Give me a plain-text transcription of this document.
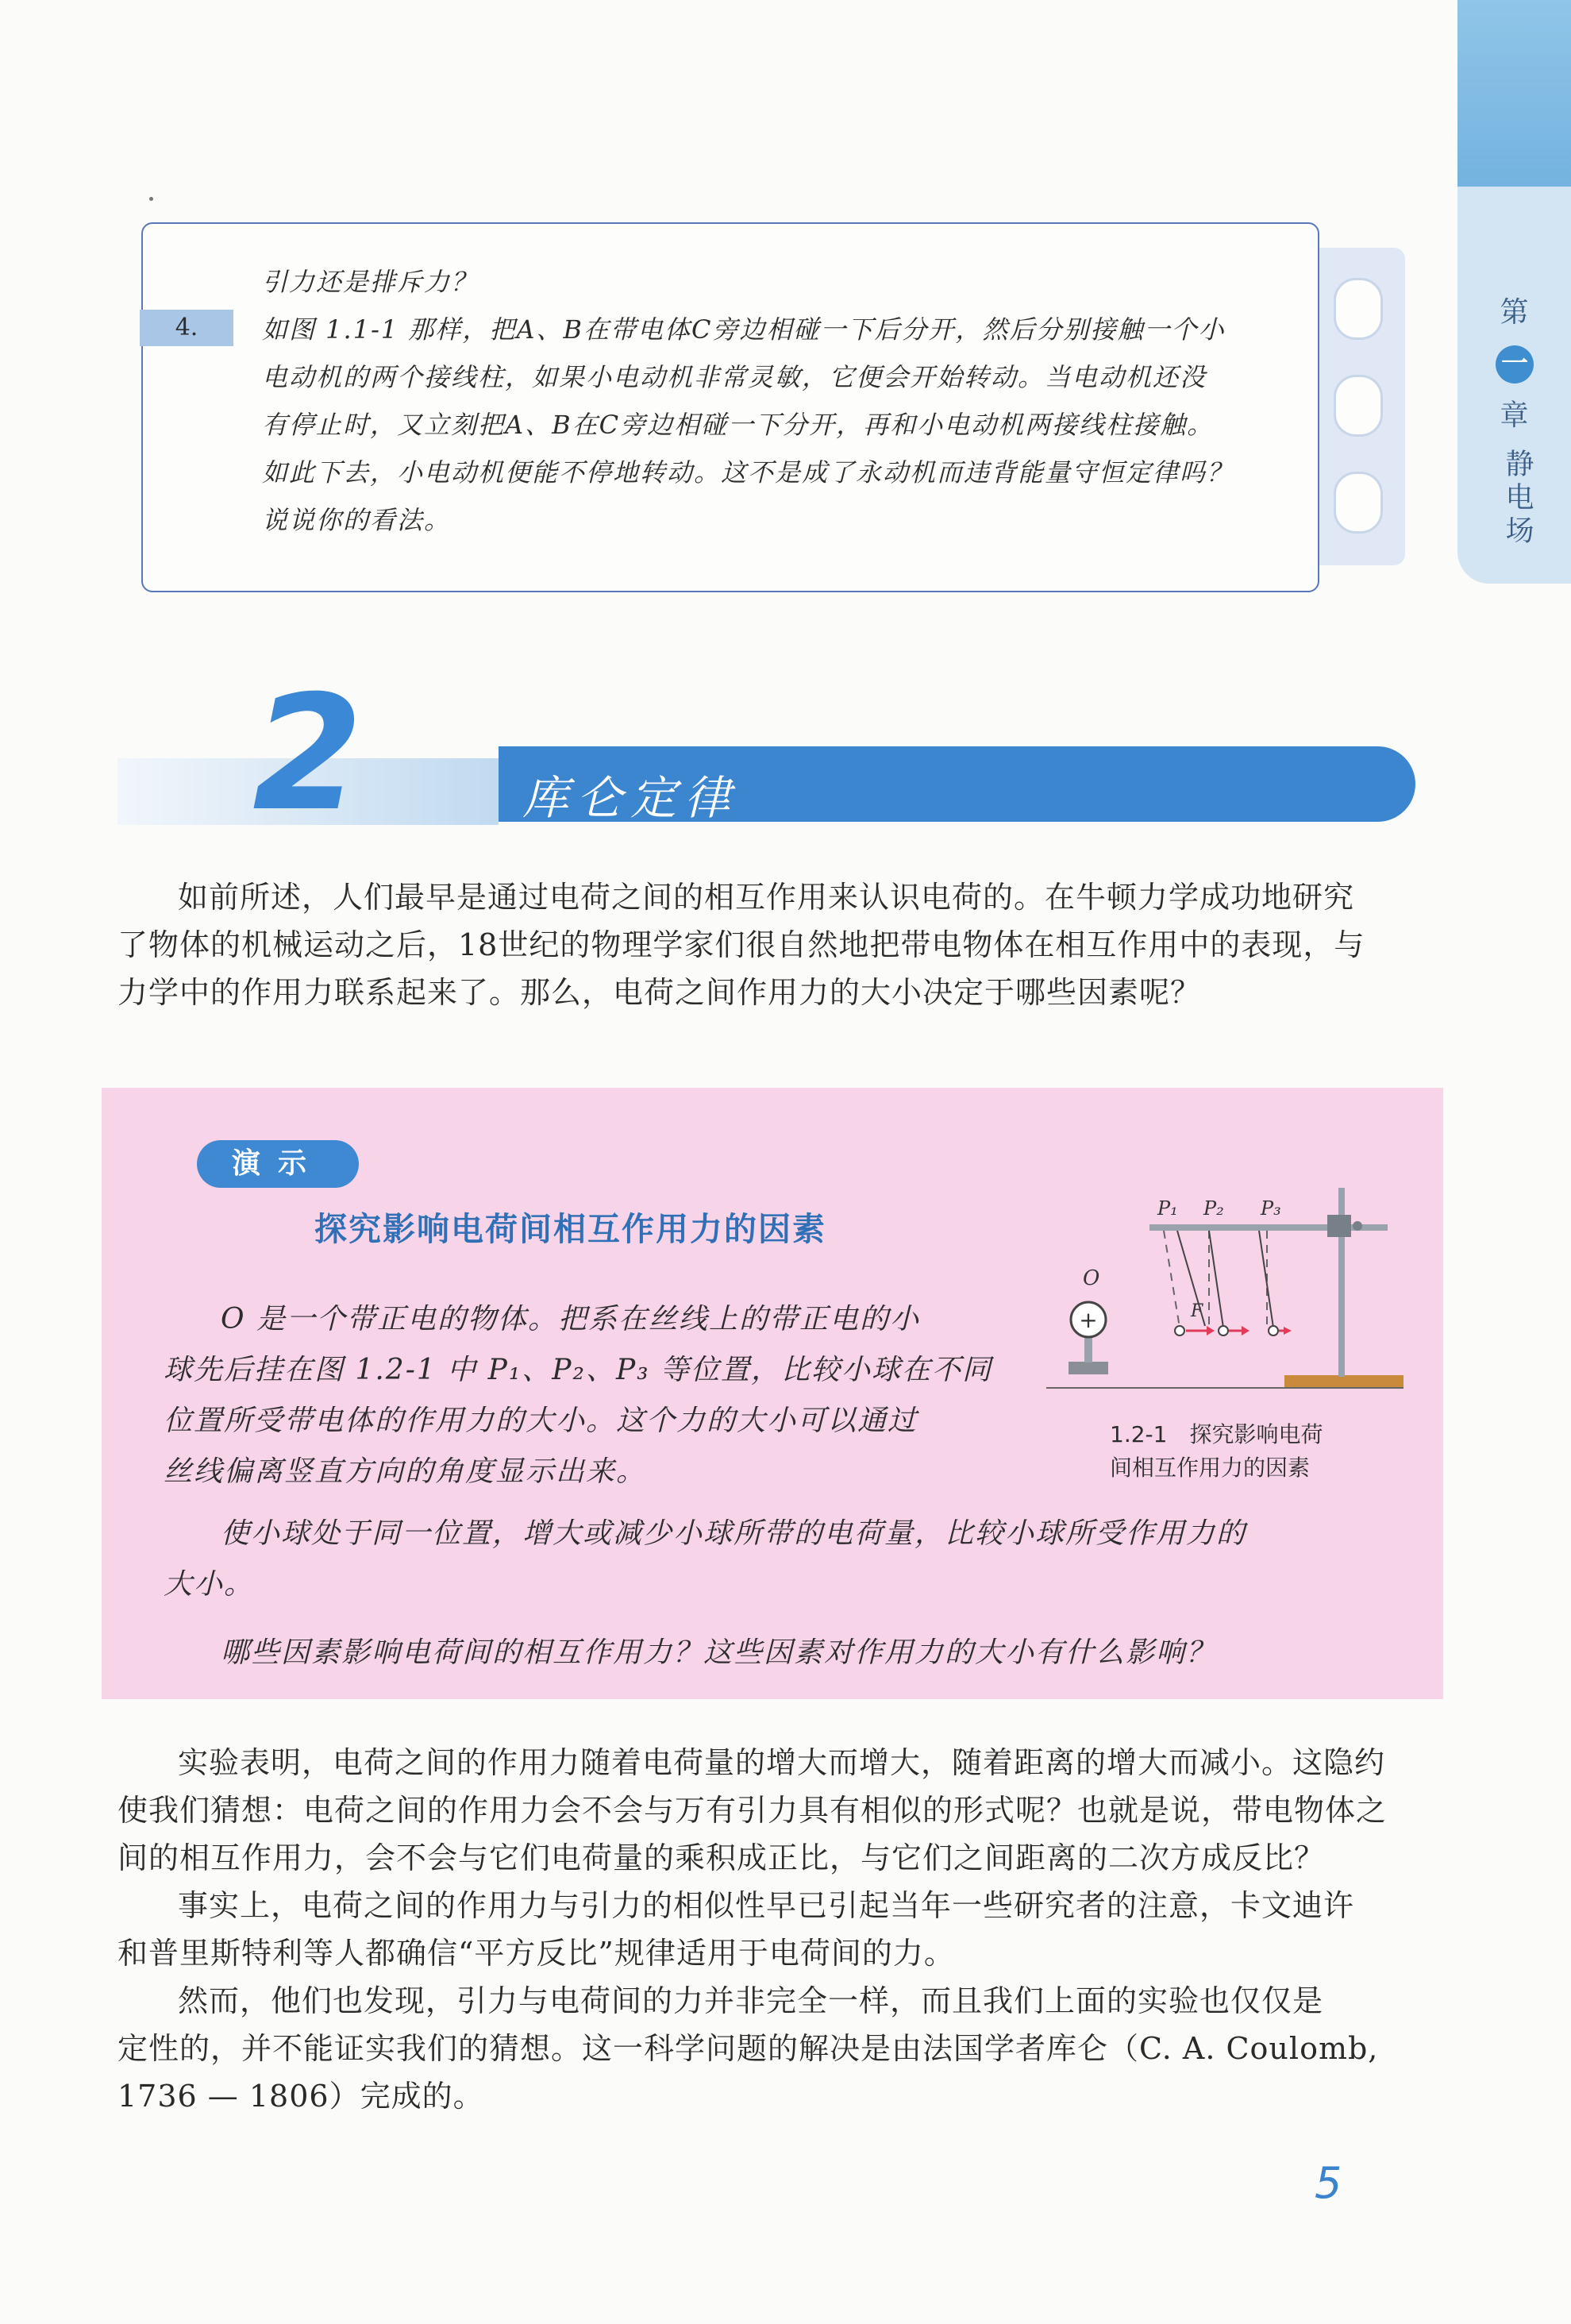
第
一
章
静电场
4.
引力还是排斥力？
如图 1.1-1 那样，把A、B在带电体C旁边相碰一下后分开，然后分别接触一个小
电动机的两个接线柱，如果小电动机非常灵敏，它便会开始转动。当电动机还没
有停止时，又立刻把A、B在C旁边相碰一下分开，再和小电动机两接线柱接触。
如此下去，小电动机便能不停地转动。这不是成了永动机而违背能量守恒定律吗？
说说你的看法。
2	库仑定律
如前所述，人们最早是通过电荷之间的相互作用来认识电荷的。在牛顿力学成功地研究
了物体的机械运动之后，18世纪的物理学家们很自然地把带电物体在相互作用中的表现，与
力学中的作用力联系起来了。那么，电荷之间作用力的大小决定于哪些因素呢？
演示
探究影响电荷间相互作用力的因素
O 是一个带正电的物体。把系在丝线上的带正电的小
球先后挂在图 1.2-1 中 P₁、P₂、P₃ 等位置，比较小球在不同
位置所受带电体的作用力的大小。这个力的大小可以通过
丝线偏离竖直方向的角度显示出来。
使小球处于同一位置，增大或减少小球所带的电荷量，比较小球所受作用力的
大小。
哪些因素影响电荷间的相互作用力？这些因素对作用力的大小有什么影响？
+
O
P₁ P₂ P₃
F
1.2-1　探究影响电荷
间相互作用力的因素
实验表明，电荷之间的作用力随着电荷量的增大而增大，随着距离的增大而减小。这隐约
使我们猜想：电荷之间的作用力会不会与万有引力具有相似的形式呢？也就是说，带电物体之
间的相互作用力，会不会与它们电荷量的乘积成正比，与它们之间距离的二次方成反比？
事实上，电荷之间的作用力与引力的相似性早已引起当年一些研究者的注意，卡文迪许
和普里斯特利等人都确信“平方反比”规律适用于电荷间的力。
然而，他们也发现，引力与电荷间的力并非完全一样，而且我们上面的实验也仅仅是
定性的，并不能证实我们的猜想。这一科学问题的解决是由法国学者库仑（C. A. Coulomb,
1736 — 1806）完成的。
5
